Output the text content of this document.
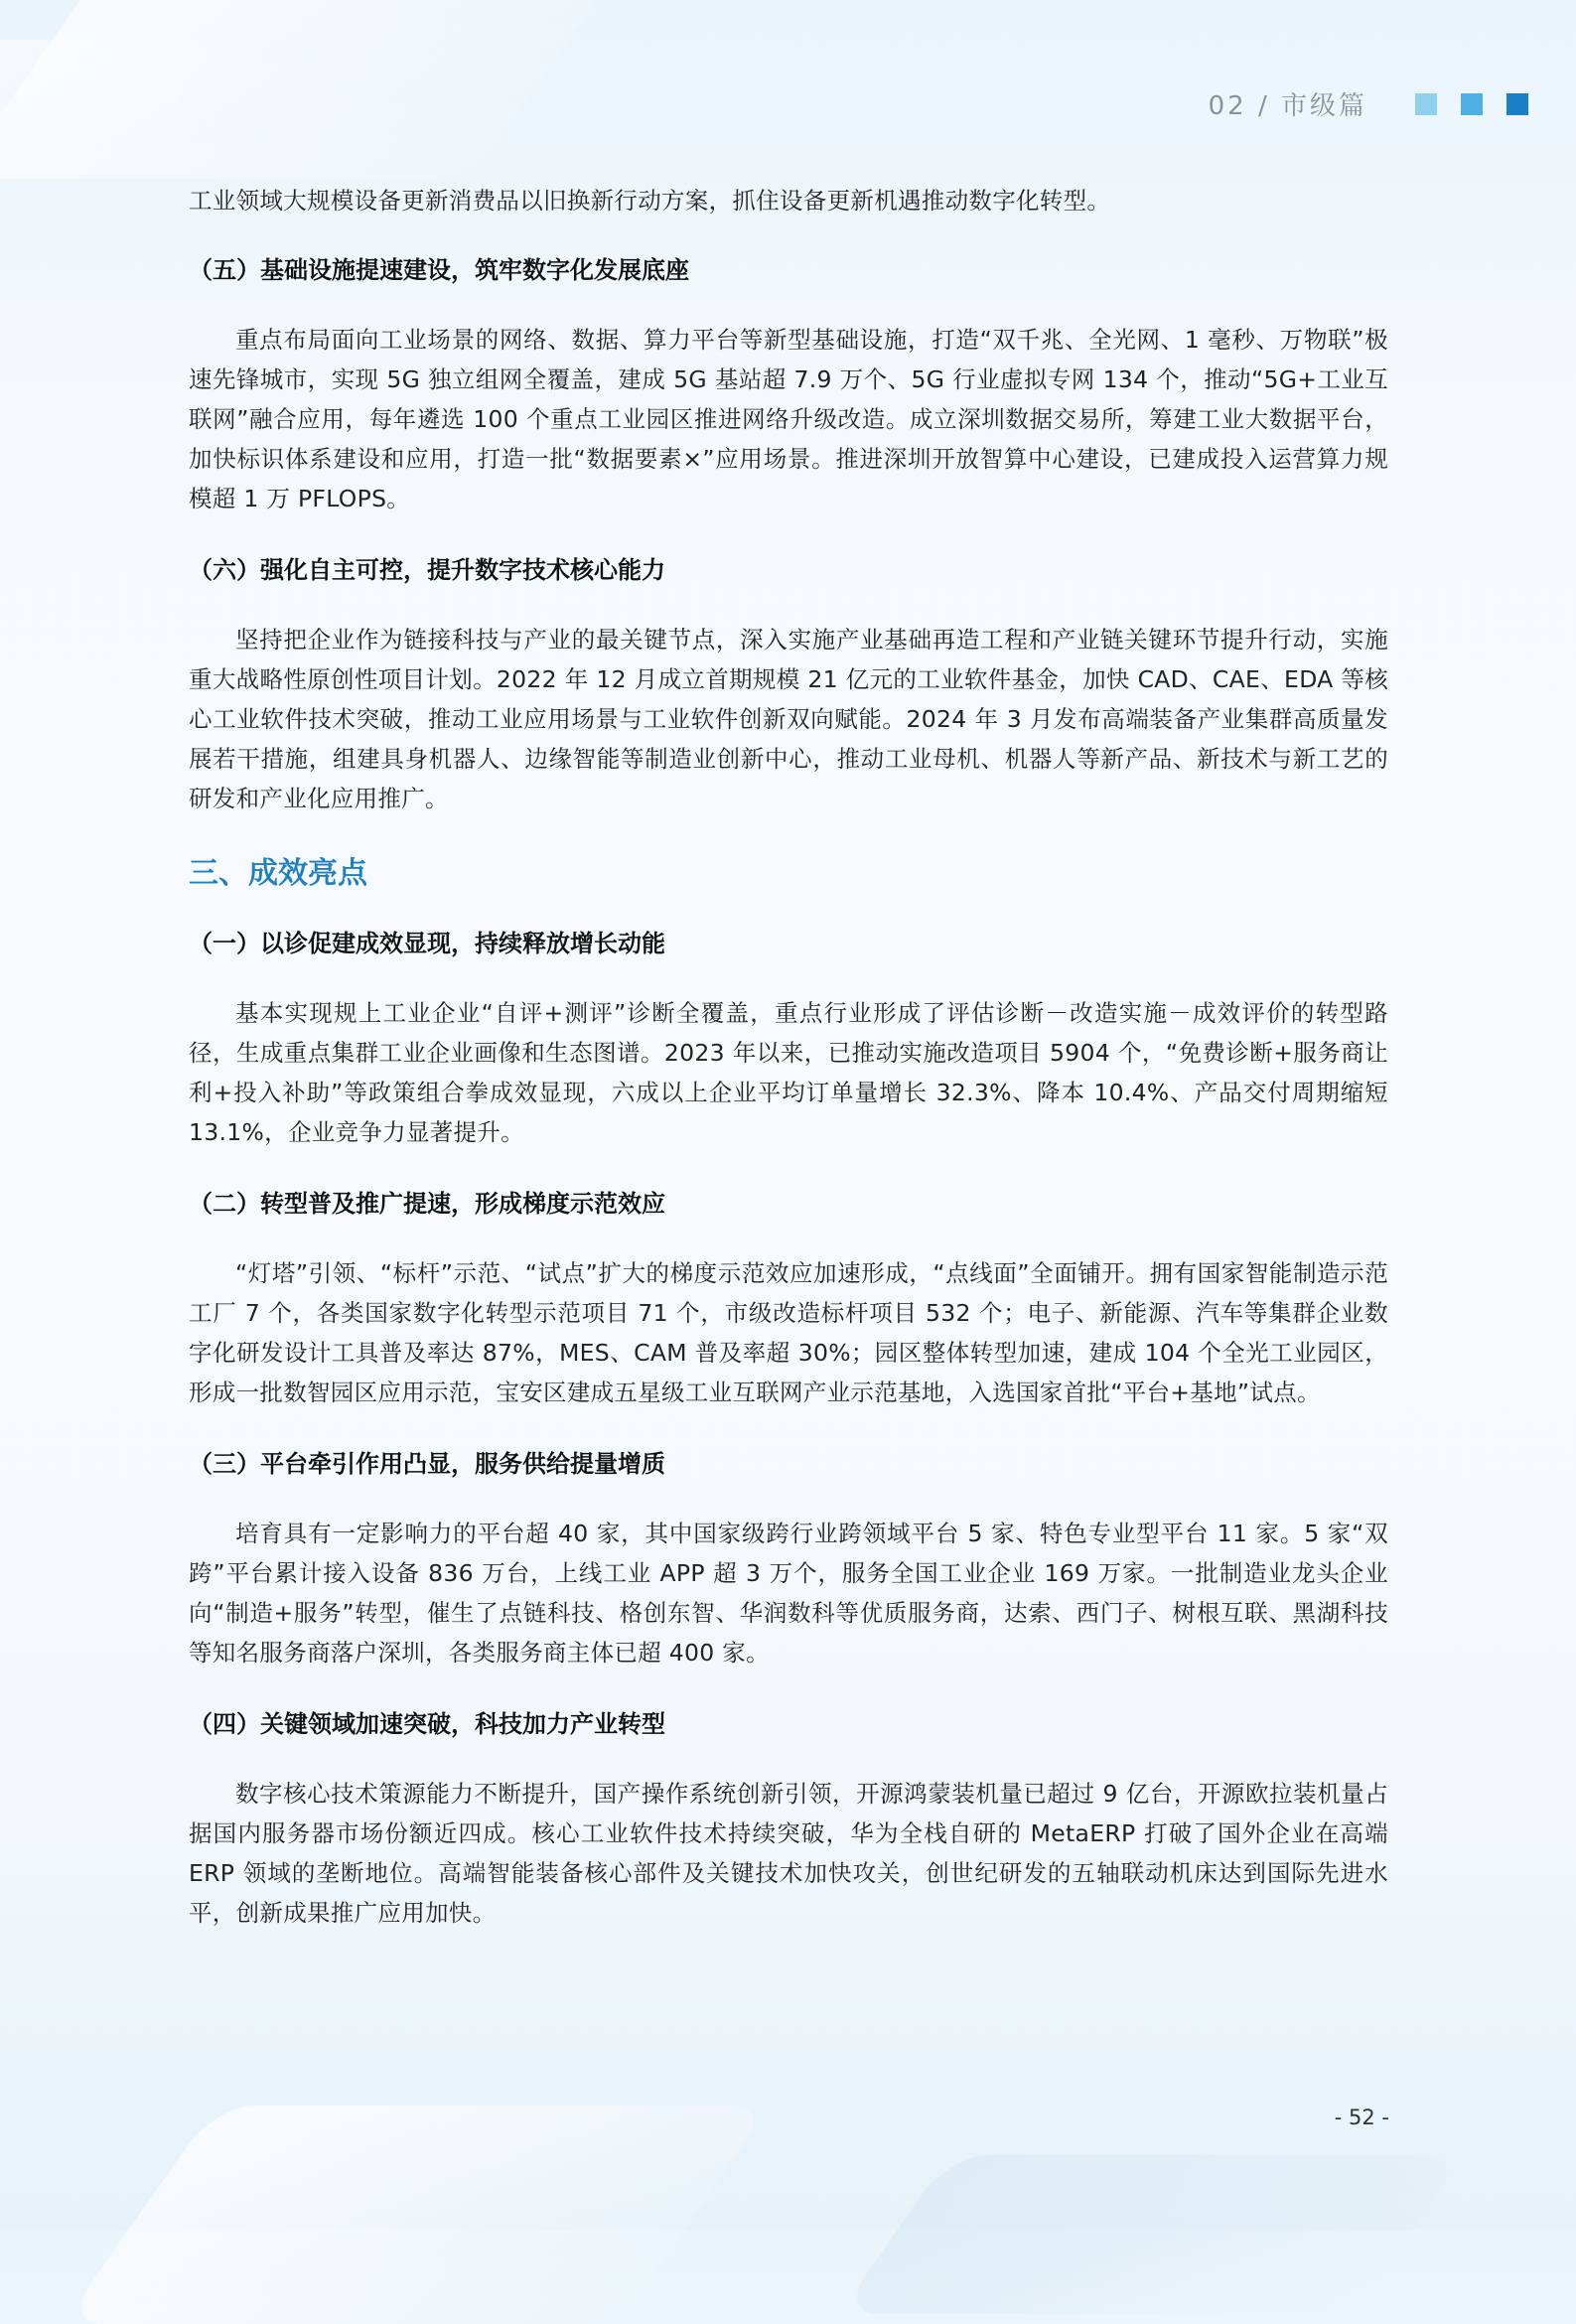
02 / 市级篇

工业领域大规模设备更新消费品以旧换新行动方案，抓住设备更新机遇推动数字化转型。

（五）基础设施提速建设，筑牢数字化发展底座

重点布局面向工业场景的网络、数据、算力平台等新型基础设施，打造“双千兆、全光网、1 毫秒、万物联”极速先锋城市，实现 5G 独立组网全覆盖，建成 5G 基站超 7.9 万个、5G 行业虚拟专网 134 个，推动“5G+工业互联网”融合应用，每年遴选 100 个重点工业园区推进网络升级改造。成立深圳数据交易所，筹建工业大数据平台，加快标识体系建设和应用，打造一批“数据要素×”应用场景。推进深圳开放智算中心建设，已建成投入运营算力规模超 1 万 PFLOPS。

（六）强化自主可控，提升数字技术核心能力

坚持把企业作为链接科技与产业的最关键节点，深入实施产业基础再造工程和产业链关键环节提升行动，实施重大战略性原创性项目计划。2022 年 12 月成立首期规模 21 亿元的工业软件基金，加快 CAD、CAE、EDA 等核心工业软件技术突破，推动工业应用场景与工业软件创新双向赋能。2024 年 3 月发布高端装备产业集群高质量发展若干措施，组建具身机器人、边缘智能等制造业创新中心，推动工业母机、机器人等新产品、新技术与新工艺的研发和产业化应用推广。

三、成效亮点
（一）以诊促建成效显现，持续释放增长动能

基本实现规上工业企业“自评+测评”诊断全覆盖，重点行业形成了评估诊断－改造实施－成效评价的转型路径，生成重点集群工业企业画像和生态图谱。2023 年以来，已推动实施改造项目 5904 个，“免费诊断+服务商让利+投入补助”等政策组合拳成效显现，六成以上企业平均订单量增长 32.3%、降本 10.4%、产品交付周期缩短 13.1%，企业竞争力显著提升。

（二）转型普及推广提速，形成梯度示范效应

“灯塔”引领、“标杆”示范、“试点”扩大的梯度示范效应加速形成，“点线面”全面铺开。拥有国家智能制造示范工厂 7 个，各类国家数字化转型示范项目 71 个，市级改造标杆项目 532 个；电子、新能源、汽车等集群企业数字化研发设计工具普及率达 87%，MES、CAM 普及率超 30%；园区整体转型加速，建成 104 个全光工业园区，形成一批数智园区应用示范，宝安区建成五星级工业互联网产业示范基地，入选国家首批“平台+基地”试点。

（三）平台牵引作用凸显，服务供给提量增质

培育具有一定影响力的平台超 40 家，其中国家级跨行业跨领域平台 5 家、特色专业型平台 11 家。5 家“双跨”平台累计接入设备 836 万台，上线工业 APP 超 3 万个，服务全国工业企业 169 万家。一批制造业龙头企业向“制造+服务”转型，催生了点链科技、格创东智、华润数科等优质服务商，达索、西门子、树根互联、黑湖科技等知名服务商落户深圳，各类服务商主体已超 400 家。

（四）关键领域加速突破，科技加力产业转型

数字核心技术策源能力不断提升，国产操作系统创新引领，开源鸿蒙装机量已超过 9 亿台，开源欧拉装机量占据国内服务器市场份额近四成。核心工业软件技术持续突破，华为全栈自研的 MetaERP 打破了国外企业在高端 ERP 领域的垄断地位。高端智能装备核心部件及关键技术加快攻关，创世纪研发的五轴联动机床达到国际先进水平，创新成果推广应用加快。

- 52 -
